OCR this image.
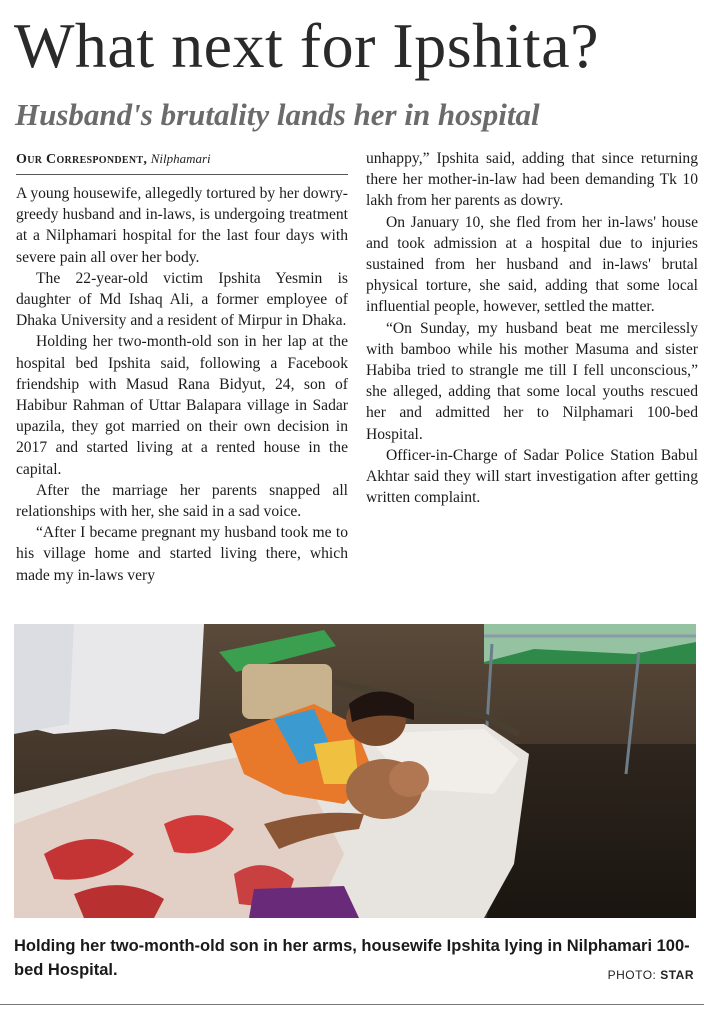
What next for Ipshita?
Husband's brutality lands her in hospital
Our Correspondent, Nilphamari

A young housewife, allegedly tortured by her dowry-greedy husband and in-laws, is undergoing treatment at a Nilphamari hospital for the last four days with severe pain all over her body.

The 22-year-old victim Ipshita Yesmin is daughter of Md Ishaq Ali, a former employee of Dhaka University and a resident of Mirpur in Dhaka.

Holding her two-month-old son in her lap at the hospital bed Ipshita said, following a Facebook friendship with Masud Rana Bidyut, 24, son of Habibur Rahman of Uttar Balapara village in Sadar upazila, they got married on their own decision in 2017 and started living at a rented house in the capital.

After the marriage her parents snapped all relationships with her, she said in a sad voice.

“After I became pregnant my husband took me to his village home and started living there, which made my in-laws very

unhappy,” Ipshita said, adding that since returning there her mother-in-law had been demanding Tk 10 lakh from her parents as dowry.

On January 10, she fled from her in-laws' house and took admission at a hospital due to injuries sustained from her husband and in-laws' brutal physical torture, she said, adding that some local influential people, however, settled the matter.

“On Sunday, my husband beat me mercilessly with bamboo while his mother Masuma and sister Habiba tried to strangle me till I fell unconscious,” she alleged, adding that some local youths rescued her and admitted her to Nilphamari 100-bed Hospital.

Officer-in-Charge of Sadar Police Station Babul Akhtar said they will start investigation after getting written complaint.

Holding her two-month-old son in her arms, housewife Ipshita lying in Nilphamari 100-bed Hospital.	PHOTO: STAR
